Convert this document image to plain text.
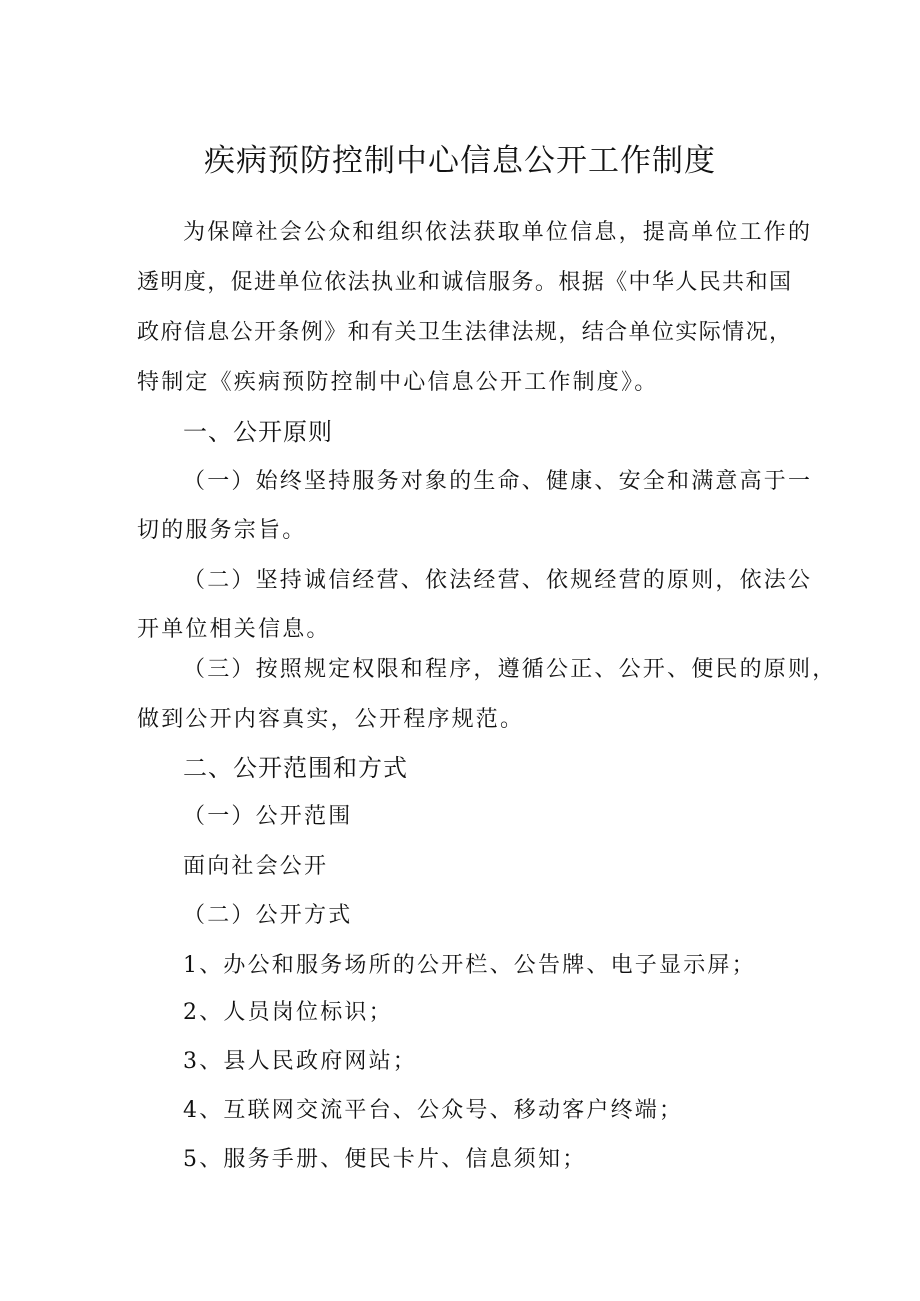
疾病预防控制中心信息公开工作制度
为保障社会公众和组织依法获取单位信息，提高单位工作的
透明度，促进单位依法执业和诚信服务。根据《中华人民共和国
政府信息公开条例》和有关卫生法律法规，结合单位实际情况，
特制定《疾病预防控制中心信息公开工作制度》。
一、公开原则
（一）始终坚持服务对象的生命、健康、安全和满意高于一
切的服务宗旨。
（二）坚持诚信经营、依法经营、依规经营的原则，依法公
开单位相关信息。
（三）按照规定权限和程序，遵循公正、公开、便民的原则，
做到公开内容真实，公开程序规范。
二、公开范围和方式
（一）公开范围
面向社会公开
（二）公开方式
1、办公和服务场所的公开栏、公告牌、电子显示屏；
2、人员岗位标识；
3、县人民政府网站；
4、互联网交流平台、公众号、移动客户终端；
5、服务手册、便民卡片、信息须知；
